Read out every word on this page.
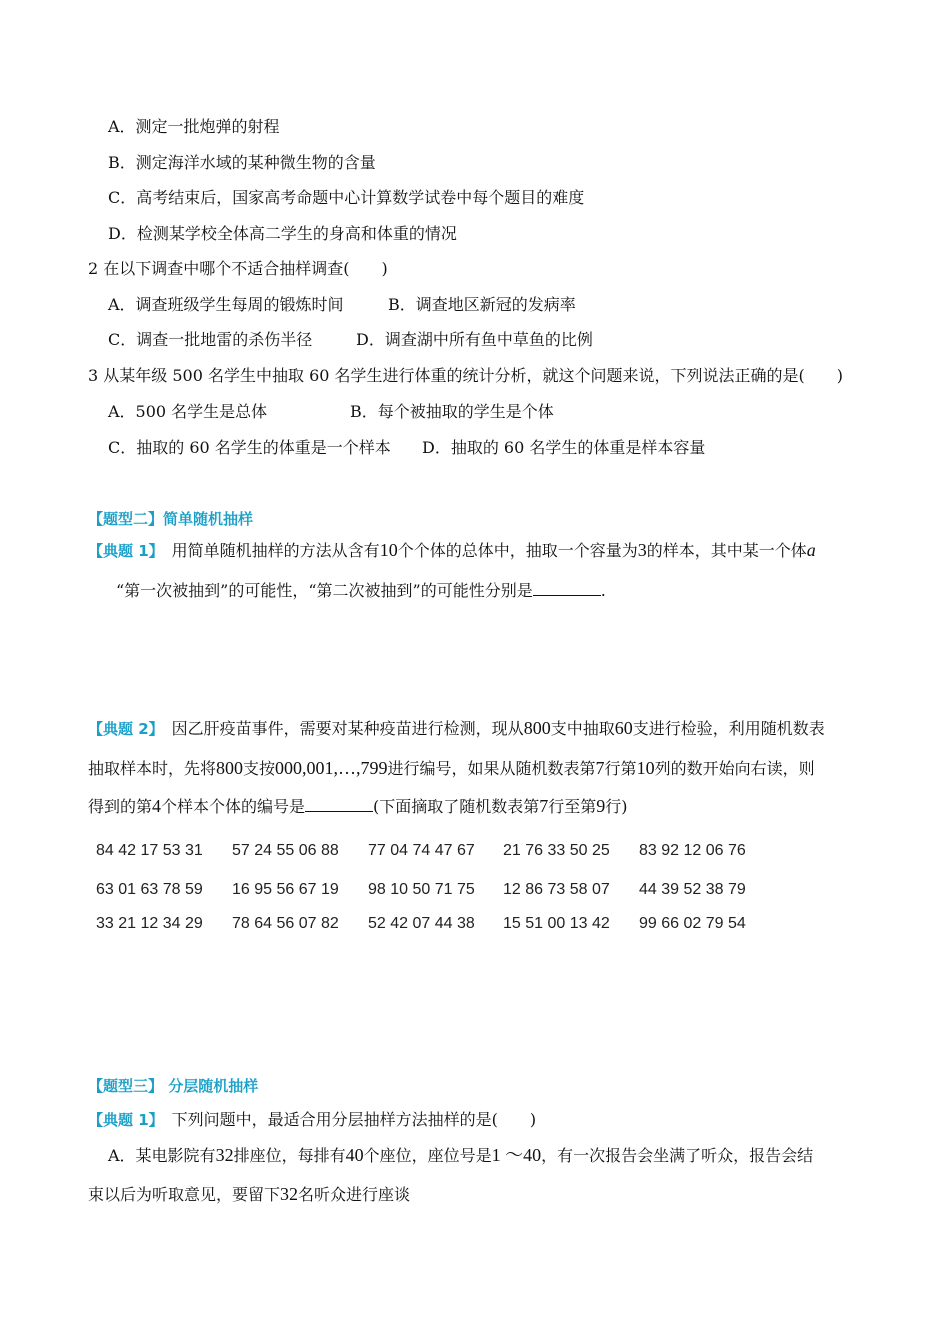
A．测定一批炮弹的射程
B．测定海洋水域的某种微生物的含量
C．高考结束后，国家高考命题中心计算数学试卷中每个题目的难度
D．检测某学校全体高二学生的身高和体重的情况
2 在以下调查中哪个不适合抽样调查(　　)
A．调查班级学生每周的锻炼时间	B．调查地区新冠的发病率
C．调查一批地雷的杀伤半径	D．调查湖中所有鱼中草鱼的比例
3 从某年级 500 名学生中抽取 60 名学生进行体重的统计分析，就这个问题来说，下列说法正确的是(　　)
A．500 名学生是总体	B．每个被抽取的学生是个体
C．抽取的 60 名学生的体重是一个样本 D．抽取的 60 名学生的体重是样本容量
【题型二】简单随机抽样
【典题 1】 用简单随机抽样的方法从含有10个个体的总体中，抽取一个容量为3的样本，其中某一个体a
“第一次被抽到”的可能性，“第二次被抽到”的可能性分别是	.
【典题 2】 因乙肝疫苗事件，需要对某种疫苗进行检测，现从800支中抽取60支进行检验，利用随机数表
抽取样本时，先将800支按000,001,…,799进行编号，如果从随机数表第7行第10列的数开始向右读，则
得到的第4个样本个体的编号是	(下面摘取了随机数表第7行至第9行)
84 42 17 53 31 57 24 55 06 88 77 04 74 47 67 21 76 33 50 25 83 92 12 06 76
63 01 63 78 59 16 95 56 67 19 98 10 50 71 75 12 86 73 58 07 44 39 52 38 79
33 21 12 34 29 78 64 56 07 82 52 42 07 44 38 15 51 00 13 42 99 66 02 79 54
【题型三】 分层随机抽样
【典题 1】 下列问题中，最适合用分层抽样方法抽样的是(　　)
A．某电影院有32排座位，每排有40个座位，座位号是1 ～40，有一次报告会坐满了听众，报告会结
束以后为听取意见，要留下32名听众进行座谈
